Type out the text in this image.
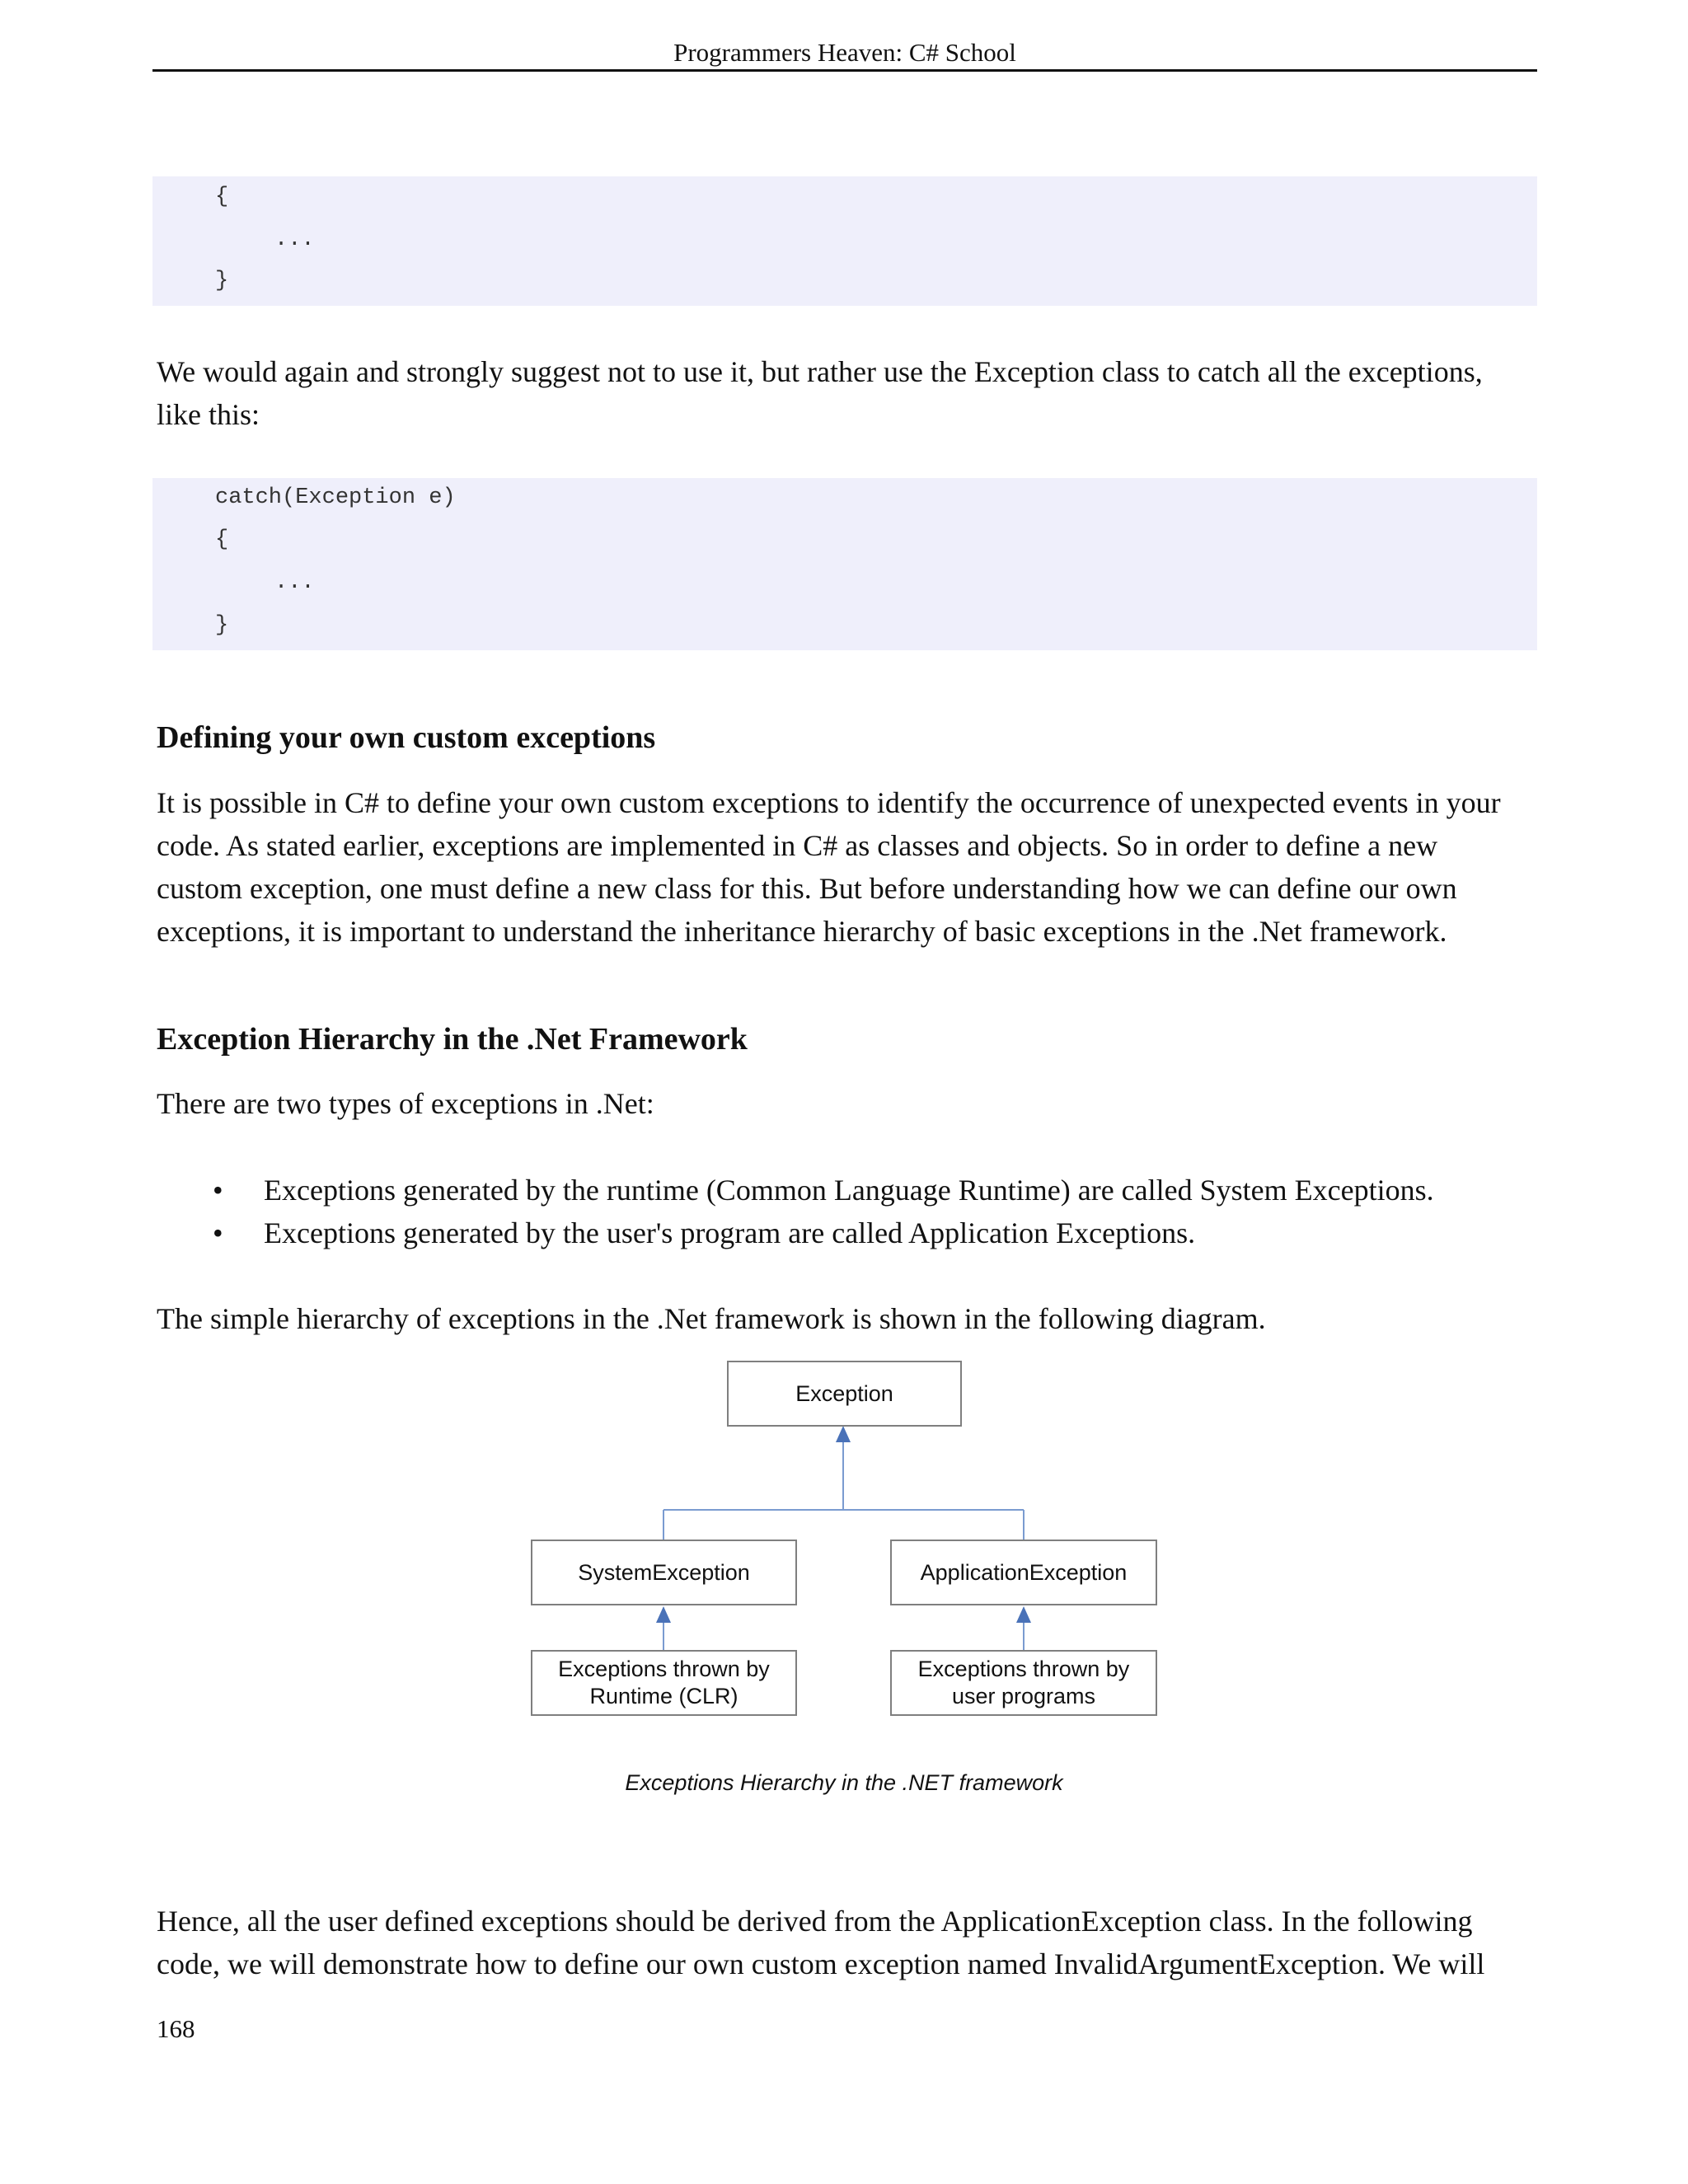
Programmers Heaven: C# School
{
...
}

We would again and strongly suggest not to use it, but rather use the Exception class to catch all the exceptions,

like this:

catch(Exception e)
{
...
}
Defining your own custom exceptions

It is possible in C# to define your own custom exceptions to identify the occurrence of unexpected events in your

code. As stated earlier, exceptions are implemented in C# as classes and objects. So in order to define a new

custom exception, one must define a new class for this. But before understanding how we can define our own

exceptions, it is important to understand the inheritance hierarchy of basic exceptions in the .Net framework.

Exception Hierarchy in the .Net Framework

There are two types of exceptions in .Net:

• Exceptions generated by the runtime (Common Language Runtime) are called System Exceptions.
• Exceptions generated by the user's program are called Application Exceptions.

The simple hierarchy of exceptions in the .Net framework is shown in the following diagram.

Exception
SystemException	ApplicationException
Exceptions thrown by
Runtime (CLR)
Exceptions thrown by
user programs
Exceptions Hierarchy in the .NET framework

Hence, all the user defined exceptions should be derived from the ApplicationException class. In the following

code, we will demonstrate how to define our own custom exception named InvalidArgumentException. We will

168
